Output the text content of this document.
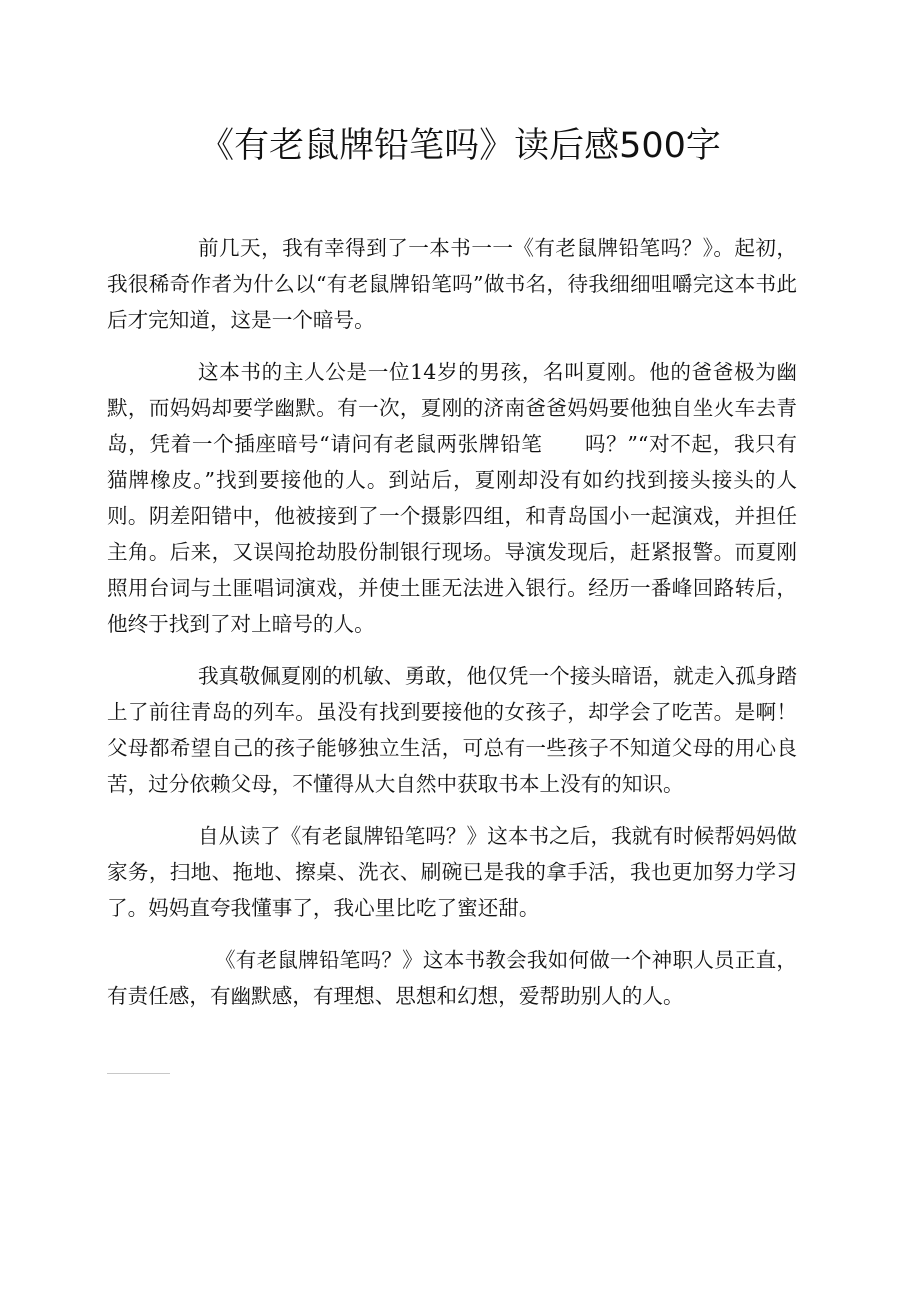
《有老鼠牌铅笔吗》读后感500字

前几天，我有幸得到了一本书一一《有老鼠牌铅笔吗？》。起初，我很稀奇作者为什么以“有老鼠牌铅笔吗”做书名，待我细细咀嚼完这本书此后才完知道，这是一个暗号。

这本书的主人公是一位14岁的男孩，名叫夏刚。他的爸爸极为幽默，而妈妈却要学幽默。有一次，夏刚的济南爸爸妈妈要他独自坐火车去青岛，凭着一个插座暗号“请问有老鼠两张牌铅笔　　吗？”“对不起，我只有猫牌橡皮。”找到要接他的人。到站后，夏刚却没有如约找到接头接头的人则。阴差阳错中，他被接到了一个摄影四组，和青岛国小一起演戏，并担任主角。后来，又误闯抢劫股份制银行现场。导演发现后，赶紧报警。而夏刚照用台词与土匪唱词演戏，并使土匪无法进入银行。经历一番峰回路转后，他终于找到了对上暗号的人。

我真敬佩夏刚的机敏、勇敢，他仅凭一个接头暗语，就走入孤身踏上了前往青岛的列车。虽没有找到要接他的女孩子，却学会了吃苦。是啊！父母都希望自己的孩子能够独立生活，可总有一些孩子不知道父母的用心良苦，过分依赖父母，不懂得从大自然中获取书本上没有的知识。

自从读了《有老鼠牌铅笔吗？》这本书之后，我就有时候帮妈妈做家务，扫地、拖地、擦桌、洗衣、刷碗已是我的拿手活，我也更加努力学习了。妈妈直夸我懂事了，我心里比吃了蜜还甜。

《有老鼠牌铅笔吗？》这本书教会我如何做一个神职人员正直，有责任感，有幽默感，有理想、思想和幻想，爱帮助别人的人。
